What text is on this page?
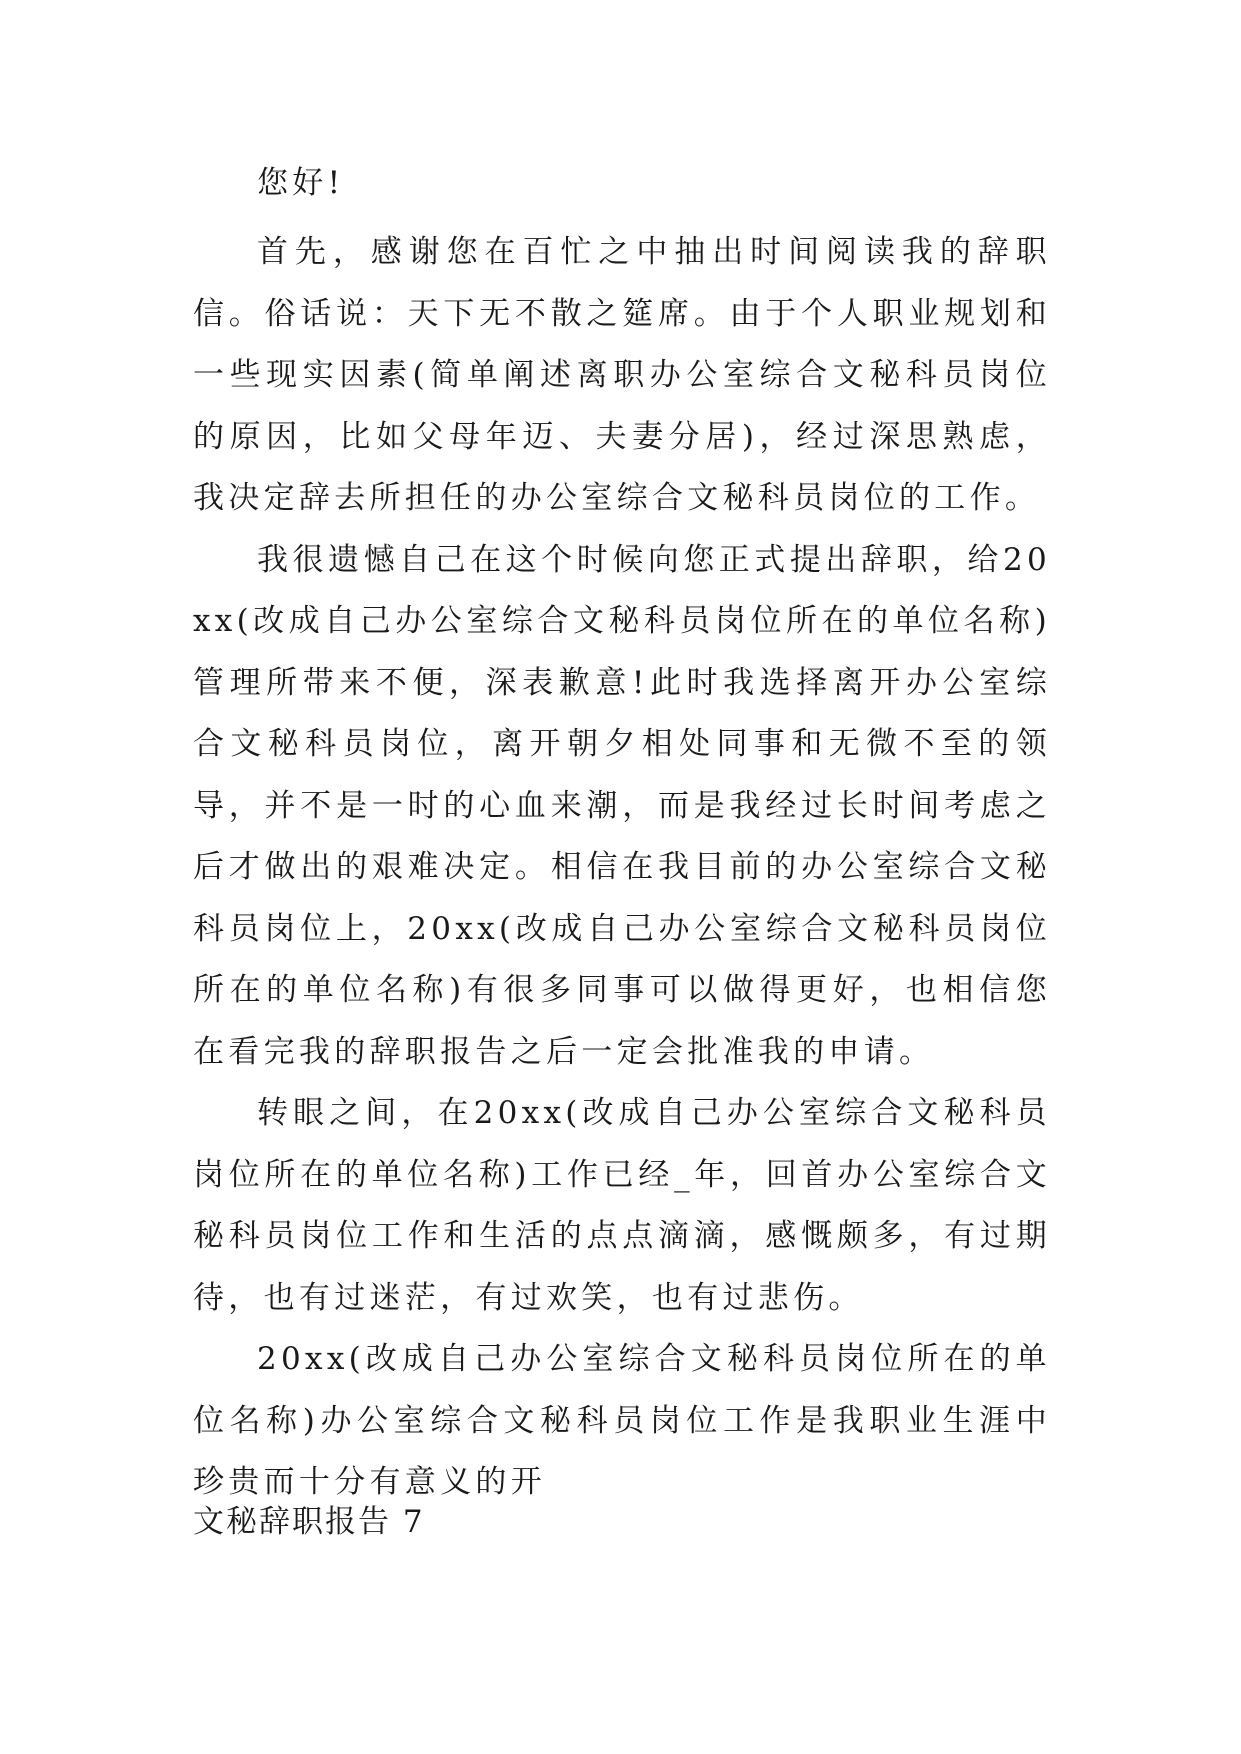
您好!

首先，感谢您在百忙之中抽出时间阅读我的辞职信。俗话说：天下无不散之筵席。由于个人职业规划和一些现实因素(简单阐述离职办公室综合文秘科员岗位的原因，比如父母年迈、夫妻分居)，经过深思熟虑，我决定辞去所担任的办公室综合文秘科员岗位的工作。

我很遗憾自己在这个时候向您正式提出辞职，给20xx(改成自己办公室综合文秘科员岗位所在的单位名称)管理所带来不便，深表歉意!此时我选择离开办公室综合文秘科员岗位，离开朝夕相处同事和无微不至的领导，并不是一时的心血来潮，而是我经过长时间考虑之后才做出的艰难决定。相信在我目前的办公室综合文秘科员岗位上，20xx(改成自己办公室综合文秘科员岗位所在的单位名称)有很多同事可以做得更好，也相信您在看完我的辞职报告之后一定会批准我的申请。

转眼之间，在20xx(改成自己办公室综合文秘科员岗位所在的单位名称)工作已经_年，回首办公室综合文秘科员岗位工作和生活的点点滴滴，感慨颇多，有过期待，也有过迷茫，有过欢笑，也有过悲伤。

20xx(改成自己办公室综合文秘科员岗位所在的单位名称)办公室综合文秘科员岗位工作是我职业生涯中珍贵而十分有意义的开

文秘辞职报告 7
